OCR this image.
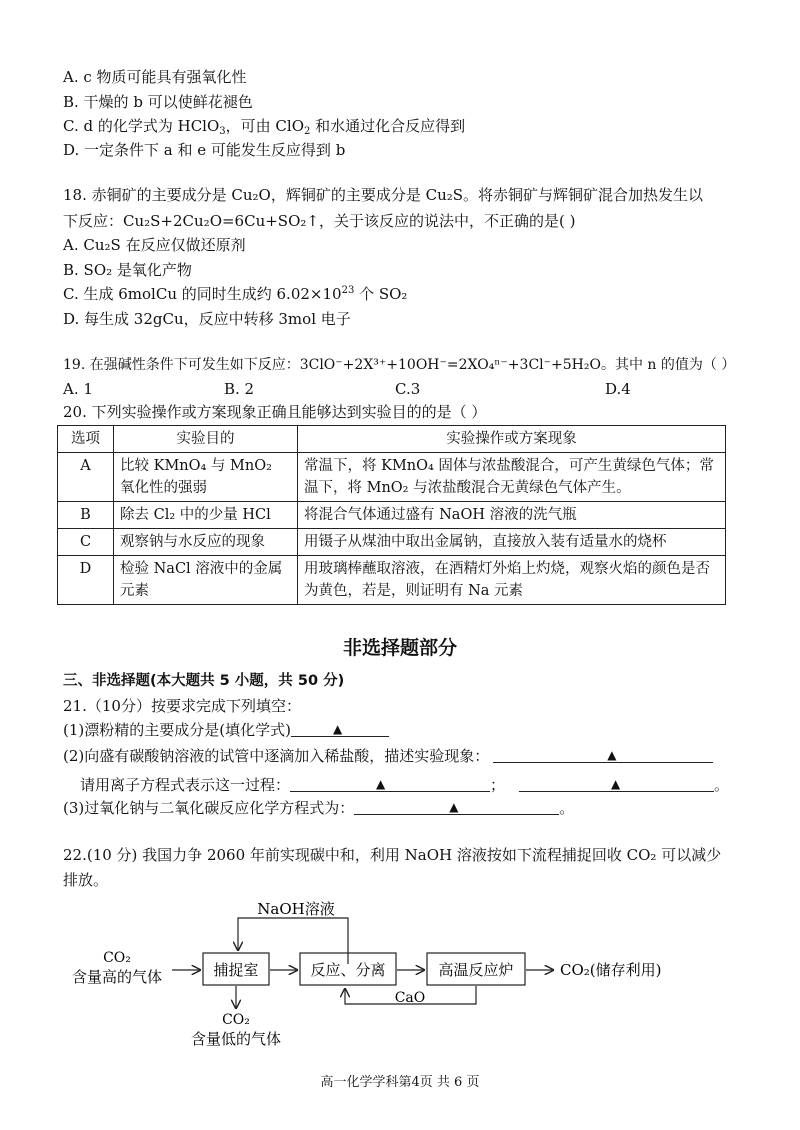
A. c 物质可能具有强氧化性
B. 干燥的 b 可以使鲜花褪色
C. d 的化学式为 HClO$_3$，可由 ClO$_2$ 和水通过化合反应得到
D. 一定条件下 a 和 e 可能发生反应得到 b
18. 赤铜矿的主要成分是 Cu₂O，辉铜矿的主要成分是 Cu₂S。将赤铜矿与辉铜矿混合加热发生以
下反应：Cu₂S+2Cu₂O=6Cu+SO₂↑，关于该反应的说法中，不正确的是( )
A. Cu₂S 在反应仅做还原剂
B. SO₂ 是氧化产物
C. 生成 6molCu 的同时生成约 $6.02\times 10^{23}$ 个 SO₂
D. 每生成 32gCu，反应中转移 3mol 电子
19. 在强碱性条件下可发生如下反应：3ClO⁻+2X³⁺+10OH⁻=2XO₄ⁿ⁻+3Cl⁻+5H₂O。其中 n 的值为（ ）
A. 1	B. 2	C.3	D.4
20. 下列实验操作或方案现象正确且能够达到实验目的的是（ ）
选项	实验目的	实验操作或方案现象
A	比较 KMnO₄ 与 MnO₂ 氧化性的强弱	常温下，将 KMnO₄ 固体与浓盐酸混合，可产生黄绿色气体；常温下，将 MnO₂ 与浓盐酸混合无黄绿色气体产生。
B	除去 Cl₂ 中的少量 HCl	将混合气体通过盛有 NaOH 溶液的洗气瓶
C	观察钠与水反应的现象	用镊子从煤油中取出金属钠，直接放入装有适量水的烧杯
D	检验 NaCl 溶液中的金属元素	用玻璃棒蘸取溶液，在酒精灯外焰上灼烧，观察火焰的颜色是否为黄色，若是，则证明有 Na 元素
非选择题部分
三、非选择题(本大题共 5 小题，共 50 分)
21.（10分）按要求完成下列填空：
(1)漂粉精的主要成分是(填化学式)	▲
(2)向盛有碳酸钠溶液的试管中逐滴加入稀盐酸，描述实验现象：	▲
请用离子方程式表示这一过程：	▲	；	▲	。
(3)过氧化钠与二氧化碳反应化学方程式为：	▲	。
22.(10 分) 我国力争 2060 年前实现碳中和，利用 NaOH 溶液按如下流程捕捉回收 CO₂ 可以减少
排放。
NaOH溶液
CO₂
含量高的气体	捕捉室	反应、分离	高温反应炉	CO₂(储存利用)
CaO
CO₂
含量低的气体
高一化学学科第4页 共 6 页
